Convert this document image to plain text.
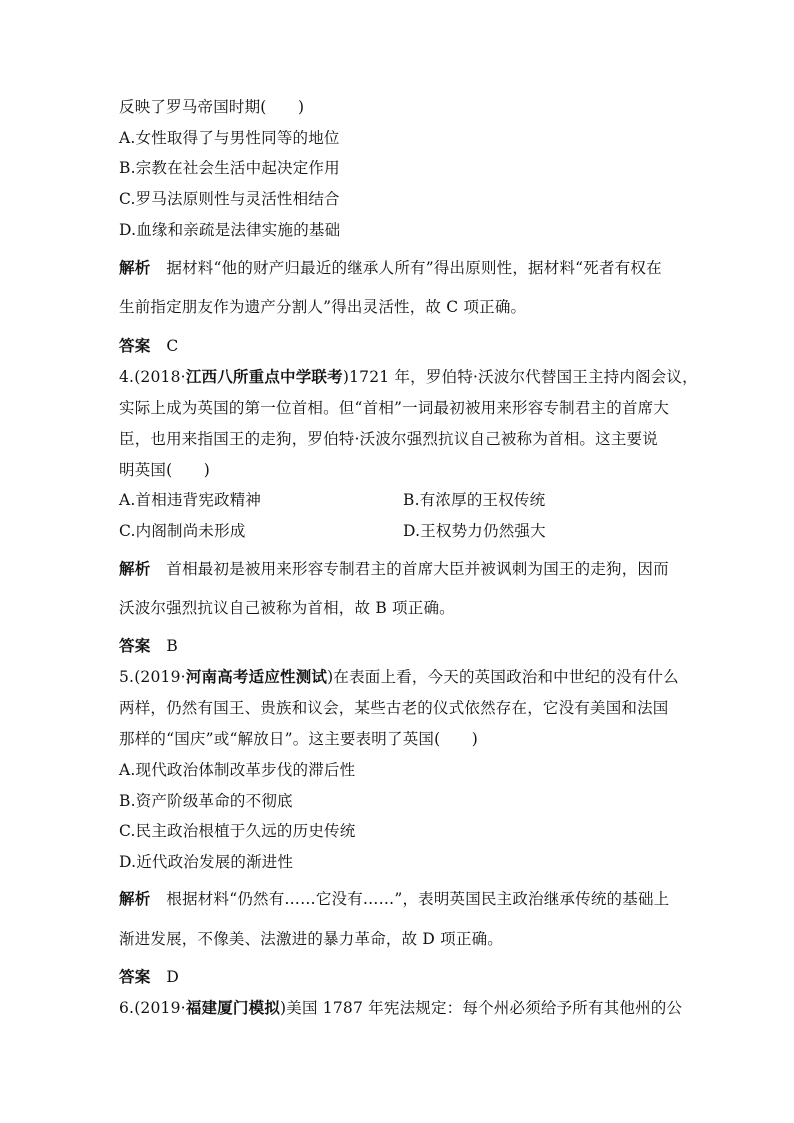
反映了罗马帝国时期(　　)
A.女性取得了与男性同等的地位
B.宗教在社会生活中起决定作用
C.罗马法原则性与灵活性相结合
D.血缘和亲疏是法律实施的基础
解析 据材料“他的财产归最近的继承人所有”得出原则性，据材料“死者有权在
生前指定朋友作为遗产分割人”得出灵活性，故 C 项正确。
答案 C
4.(2018·江西八所重点中学联考)1721 年，罗伯特·沃波尔代替国王主持内阁会议，
实际上成为英国的第一位首相。但“首相”一词最初被用来形容专制君主的首席大
臣，也用来指国王的走狗，罗伯特·沃波尔强烈抗议自己被称为首相。这主要说
明英国(　　)
A.首相违背宪政精神	B.有浓厚的王权传统
C.内阁制尚未形成	D.王权势力仍然强大
解析 首相最初是被用来形容专制君主的首席大臣并被讽刺为国王的走狗，因而
沃波尔强烈抗议自己被称为首相，故 B 项正确。
答案 B
5.(2019·河南高考适应性测试)在表面上看，今天的英国政治和中世纪的没有什么
两样，仍然有国王、贵族和议会，某些古老的仪式依然存在，它没有美国和法国
那样的“国庆”或“解放日”。这主要表明了英国(　　)
A.现代政治体制改革步伐的滞后性
B.资产阶级革命的不彻底
C.民主政治根植于久远的历史传统
D.近代政治发展的渐进性
解析 根据材料“仍然有……它没有……”，表明英国民主政治继承传统的基础上
渐进发展，不像美、法激进的暴力革命，故 D 项正确。
答案 D
6.(2019·福建厦门模拟)美国 1787 年宪法规定：每个州必须给予所有其他州的公
